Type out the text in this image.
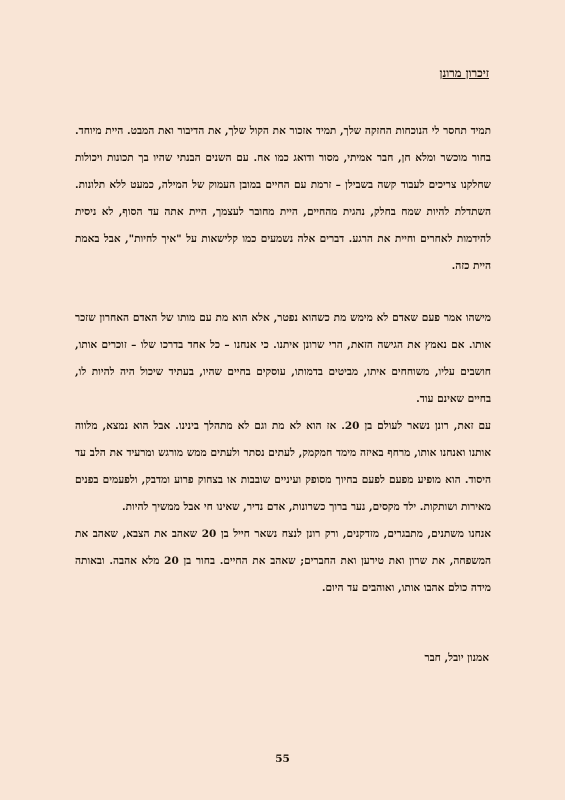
זיכרון מרונן

תמיד תחסר לי הנוכחות החזקה שלך, תמיד אזכור את הקול שלך, את הדיבור ואת המבט. היית מיוחד. בחור מוכשר ומלא חן, חבר אמיתי, מסור ודואג כמו אח. עם השנים הבנתי שהיו בך תכונות ויכולות שחלקנו צריכים לעבוד קשה בשבילן – זרמת עם החיים במובן העמוק של המילה, כמעט ללא תלונות. השתדלת להיות שמח בחלק, נהגית מהחיים, היית מחובר לעצמך, היית אתה עד הסוף, לא ניסית להידמות לאחרים וחיית את הרגע. דברים אלה נשמעים כמו קלישאות על "איך לחיות", אבל באמת היית כזה.

מישהו אמר פעם שאדם לא מימש מת כשהוא נפטר, אלא הוא מת עם מותו של האדם האחרון שזכר אותו. אם נאמץ את הגישה הזאת, הרי שרונן איתנו. כי אנחנו – כל אחד בדרכו שלו – זוכרים אותו, חושבים עליו, משוחחים איתו, מביטים בדמותו, עוסקים בחיים שהיו, בעתיד שיכול היה להיות לו, בחיים שאינם עוד.

עם זאת, רונן נשאר לעולם בן 20. אז הוא לא מת וגם לא מתהלך בינינו. אבל הוא נמצא, מלווה אותנו ואנחנו אותו, מרחף באיזה מימד חמקמק, לעתים נסתר ולעתים ממש מורגש ומרעיד את הלב עד היסוד. הוא מופיע מפעם לפעם בחיוך מסופק ועיניים שובבות או בצחוק פרוע ומדבק, ולפעמים בפנים מאירות ושותקות. ילד מקסים, נער ברוך כשרונות, אדם נדיר, שאינו חי אבל ממשיך להיות.

אנחנו משתנים, מתבגרים, מזדקנים, ורק רונן לנצח נשאר חייל בן 20 שאהב את הצבא, שאהב את המשפחה, את שרון ואת טירען ואת החברים; שאהב את החיים. בחור בן 20 מלא אהבה. ובאותה מידה כולם אהבו אותו, ואוהבים עד היום.

אמנון יובל, חבר

55
